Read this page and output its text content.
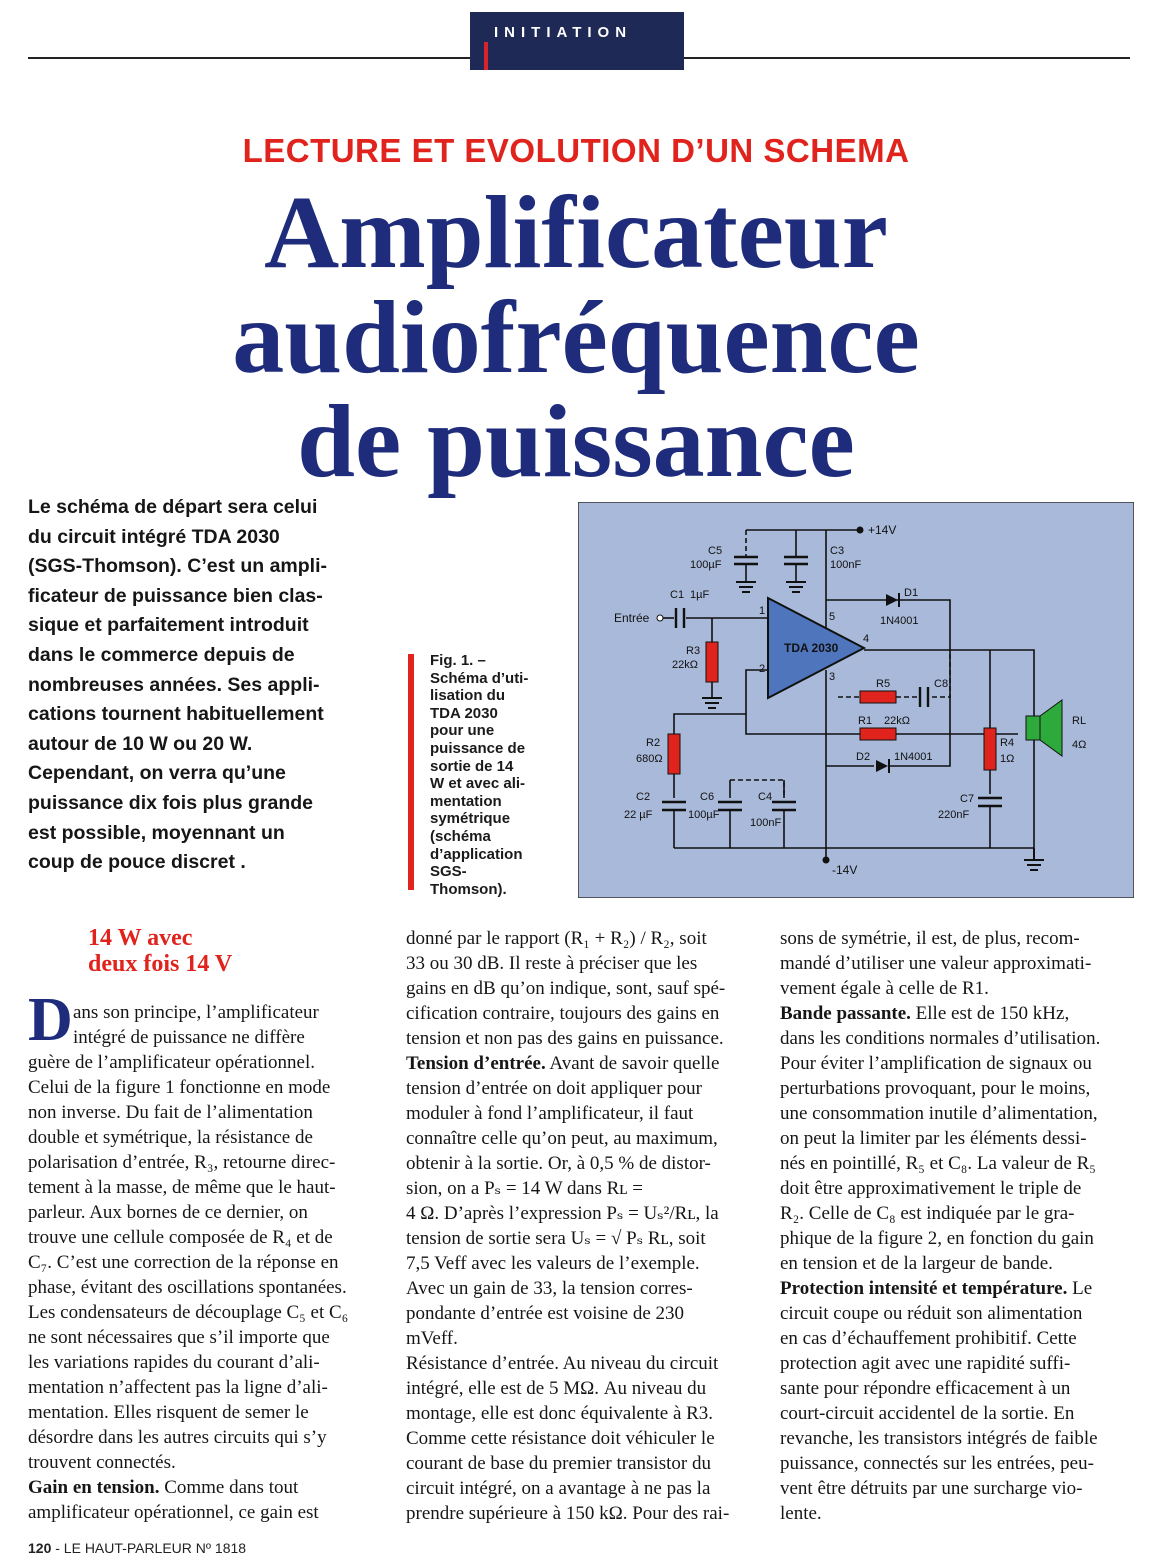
INITIATION
LECTURE ET EVOLUTION D’UN SCHEMA
Amplificateur
audiofréquence
de puissance
Le schéma de départ sera celui
du circuit intégré TDA 2030
(SGS-Thomson). C’est un ampli-
ficateur de puissance bien clas-
sique et parfaitement introduit
dans le commerce depuis de
nombreuses années. Ses appli-
cations tournent habituellement
autour de 10 W ou 20 W.
Cependant, on verra qu’une
puissance dix fois plus grande
est possible, moyennant un
coup de pouce discret .
Fig. 1. –
Schéma d’uti-
lisation du
TDA 2030
pour une
puissance de
sortie de 14
W et avec ali-
mentation
symétrique
(schéma
d’application
SGS-
Thomson).
TDA 2030
1
2
3
4
5
+14V
-14V
Entrée
C5
100µF
C3
100nF
C1 1µF
R3
22kΩ
D1
1N4001
R5	C8
R1 22kΩ
R2
680Ω	D2 1N4001
R4
1Ω
C2
22 µF
C6
100µF
C4
100nF
C7
220nF
RL
4Ω
14 W avec
deux fois 14 V
D ans son principe, l’amplificateur
intégré de puissance ne diffère
guère de l’amplificateur opérationnel.
Celui de la figure 1 fonctionne en mode
non inverse. Du fait de l’alimentation
double et symétrique, la résistance de
polarisation d’entrée, R₃, retourne direc-
tement à la masse, de même que le haut-
parleur. Aux bornes de ce dernier, on
trouve une cellule composée de R₄ et de
C₇. C’est une correction de la réponse en
phase, évitant des oscillations spontanées.
Les condensateurs de découplage C₅ et C₆
ne sont nécessaires que s’il importe que
les variations rapides du courant d’ali-
mentation n’affectent pas la ligne d’ali-
mentation. Elles risquent de semer le
désordre dans les autres circuits qui s’y
trouvent connectés.
Gain en tension. Comme dans tout
amplificateur opérationnel, ce gain est
donné par le rapport (R₁ + R₂) / R₂, soit
33 ou 30 dB. Il reste à préciser que les
gains en dB qu’on indique, sont, sauf spé-
cification contraire, toujours des gains en
tension et non pas des gains en puissance.
Tension d’entrée. Avant de savoir quelle
tension d’entrée on doit appliquer pour
moduler à fond l’amplificateur, il faut
connaître celle qu’on peut, au maximum,
obtenir à la sortie. Or, à 0,5 % de distor-
sion, on a Pₛ = 14 W dans Rʟ =
4 Ω. D’après l’expression Pₛ = Uₛ²/Rʟ, la
tension de sortie sera Uₛ = √ Pₛ Rʟ, soit
7,5 Veff avec les valeurs de l’exemple.
Avec un gain de 33, la tension corres-
pondante d’entrée est voisine de 230
mVeff.
Résistance d’entrée. Au niveau du circuit
intégré, elle est de 5 MΩ. Au niveau du
montage, elle est donc équivalente à R3.
Comme cette résistance doit véhiculer le
courant de base du premier transistor du
circuit intégré, on a avantage à ne pas la
prendre supérieure à 150 kΩ. Pour des rai-
sons de symétrie, il est, de plus, recom-
mandé d’utiliser une valeur approximati-
vement égale à celle de R1.
Bande passante. Elle est de 150 kHz,
dans les conditions normales d’utilisation.
Pour éviter l’amplification de signaux ou
perturbations provoquant, pour le moins,
une consommation inutile d’alimentation,
on peut la limiter par les éléments dessi-
nés en pointillé, R₅ et C₈. La valeur de R₅
doit être approximativement le triple de
R₂. Celle de C₈ est indiquée par le gra-
phique de la figure 2, en fonction du gain
en tension et de la largeur de bande.
Protection intensité et température. Le
circuit coupe ou réduit son alimentation
en cas d’échauffement prohibitif. Cette
protection agit avec une rapidité suffi-
sante pour répondre efficacement à un
court-circuit accidentel de la sortie. En
revanche, les transistors intégrés de faible
puissance, connectés sur les entrées, peu-
vent être détruits par une surcharge vio-
lente.
120 - LE HAUT-PARLEUR Nº 1818
